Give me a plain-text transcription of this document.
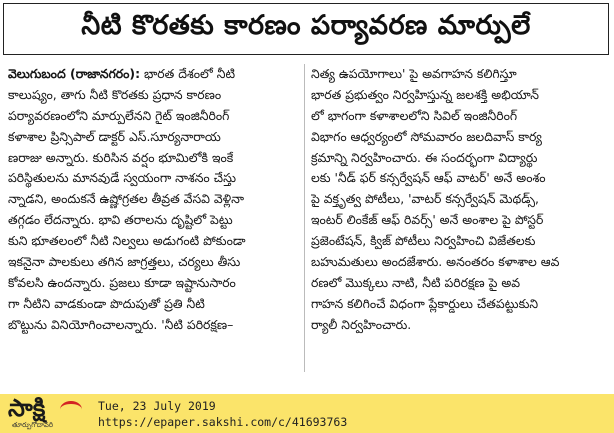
నీటి కొరతకు కారణం పర్యావరణ మార్పులే
వెలుగుబంద (రాజానగరం): భారత దేశంలో నీటి
కాలుష్యం, తాగు నీటి కొరతకు ప్రధాన కారణం
పర్యావరణంలోని మార్పులేనని గైట్ ఇంజినీరింగ్
కళాశాల ప్రిన్సిపాల్ డాక్టర్ ఎస్.సూర్యనారాయ
ణరాజు అన్నారు. కురిసిన వర్షం భూమిలోకి ఇంకే
పరిస్థితులను మానవుడే స్వయంగా నాశనం చేస్తు
న్నాడని, అందుకనే ఉష్ణోగ్రతల తీవ్రత వేసవి వెళ్లినా
తగ్గడం లేదన్నారు. భావి తరాలను దృష్టిలో పెట్టు
కుని భూతలంలో నీటి నిల్వలు అడుగంటి పోకుండా
ఇకనైనా పాలకులు తగిన జాగ్రత్తలు, చర్యలు తీసు
కోవలసి ఉందన్నారు. ప్రజలు కూడా ఇష్టానుసారం
గా నీటిని వాడకుండా పొదుపుతో ప్రతి నీటి
బొట్టును వినియోగించాలన్నారు. 'నీటి పరిరక్షణ–
నిత్య ఉపయోగాలు' పై అవగాహన కలిగిస్తూ
భారత ప్రభుత్వం నిర్వహిస్తున్న జలశక్తి అభియాన్
లో భాగంగా కళాశాలలోని సివిల్ ఇంజినీరింగ్
విభాగం ఆధ్వర్యంలో సోమవారం జలదివాస్ కార్య
క్రమాన్ని నిర్వహించారు. ఈ సందర్భంగా విద్యార్థు
లకు 'నీడ్ ఫర్ కన్సర్వేషన్ ఆఫ్ వాటర్' అనే అంశం
పై వక్తృత్వ పోటీలు, 'వాటర్ కన్సర్వేషన్ మెథడ్స్,
ఇంటర్ లింకేజ్ ఆఫ్ రివర్స్' అనే అంశాల పై పోస్టర్
ప్రజెంటేషన్, క్విజ్ పోటీలు నిర్వహించి విజేతలకు
బహుమతులు అందజేశారు. అనంతరం కళాశాల ఆవ
రణలో మొక్కలు నాటి, నీటి పరిరక్షణ పై అవ
గాహన కలిగించే విధంగా ప్లేకార్డులు చేతపట్టుకుని
ర్యాలీ నిర్వహించారు.
సాక్షి
తూర్పుగోదావరి
Tue, 23 July 2019
https://epaper.sakshi.com/c/41693763
